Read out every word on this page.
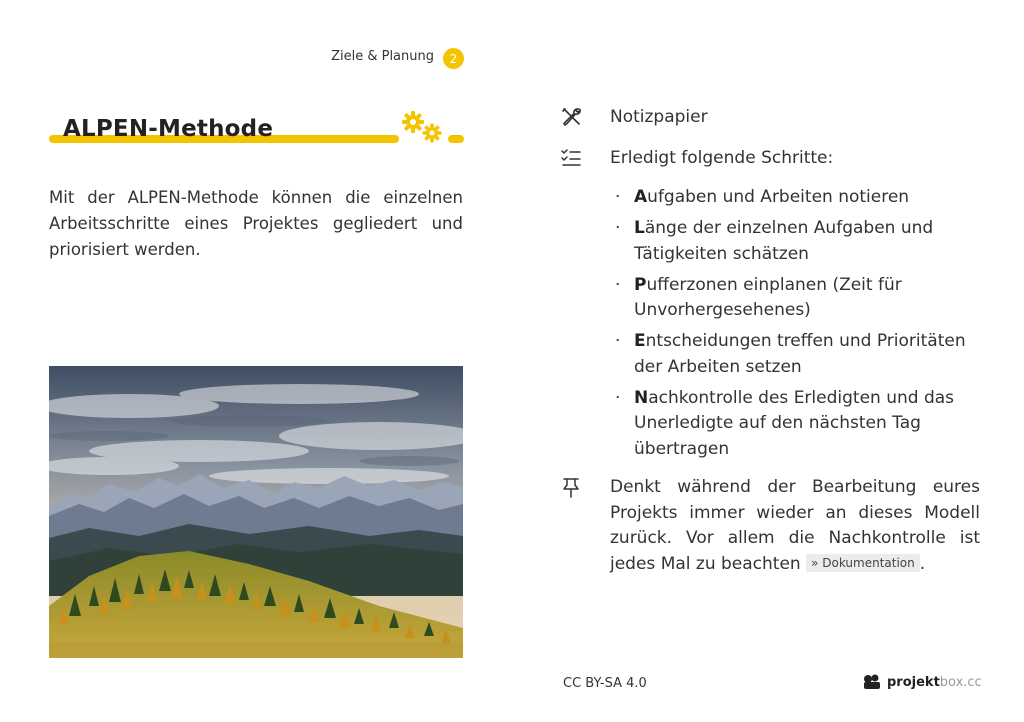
Ziele & Planung	2
ALPEN-Methode
Mit der ALPEN-Methode können die einzelnen Arbeitsschritte eines Projektes gegliedert und priorisiert werden.
Notizpapier
Erledigt folgende Schritte:
· Aufgaben und Arbeiten notieren
· Länge der einzelnen Aufgaben und Tätigkeiten schätzen
· Pufferzonen einplanen (Zeit für Unvorhergesehenes)
· Entscheidungen treffen und Prioritäten der Arbeiten setzen
· Nachkontrolle des Erledigten und das Unerledigte auf den nächsten Tag übertragen
Denkt während der Bearbeitung eures Projekts immer wieder an dieses Modell zurück. Vor allem die Nachkontrolle ist jedes Mal zu beachten » Dokumentation .
CC BY-SA 4.0	projekt box.cc
